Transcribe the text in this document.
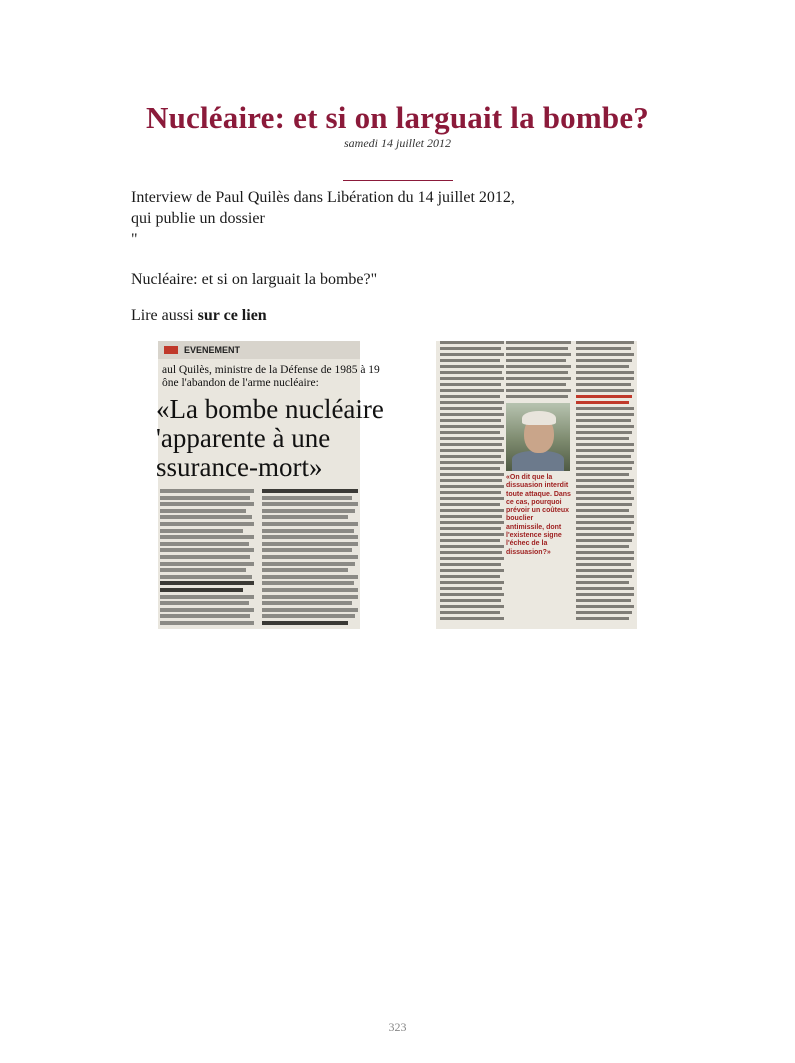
Nucléaire: et si on larguait la bombe?
samedi 14 juillet 2012
Interview de Paul Quilès dans Libération du 14 juillet 2012,
qui publie un dossier
"
Nucléaire: et si on larguait la bombe?"
Lire aussi sur ce lien
EVENEMENT
aul Quilès, ministre de la Défense de 1985 à 19
ône l'abandon de l'arme nucléaire:
«La bombe nucléaire
'apparente à une
ssurance-mort»	«On dit que la dissuasion interdit toute attaque. Dans ce cas, pourquoi prévoir un coûteux bouclier antimissile, dont l'existence signe l'échec de la dissuasion?»
323
